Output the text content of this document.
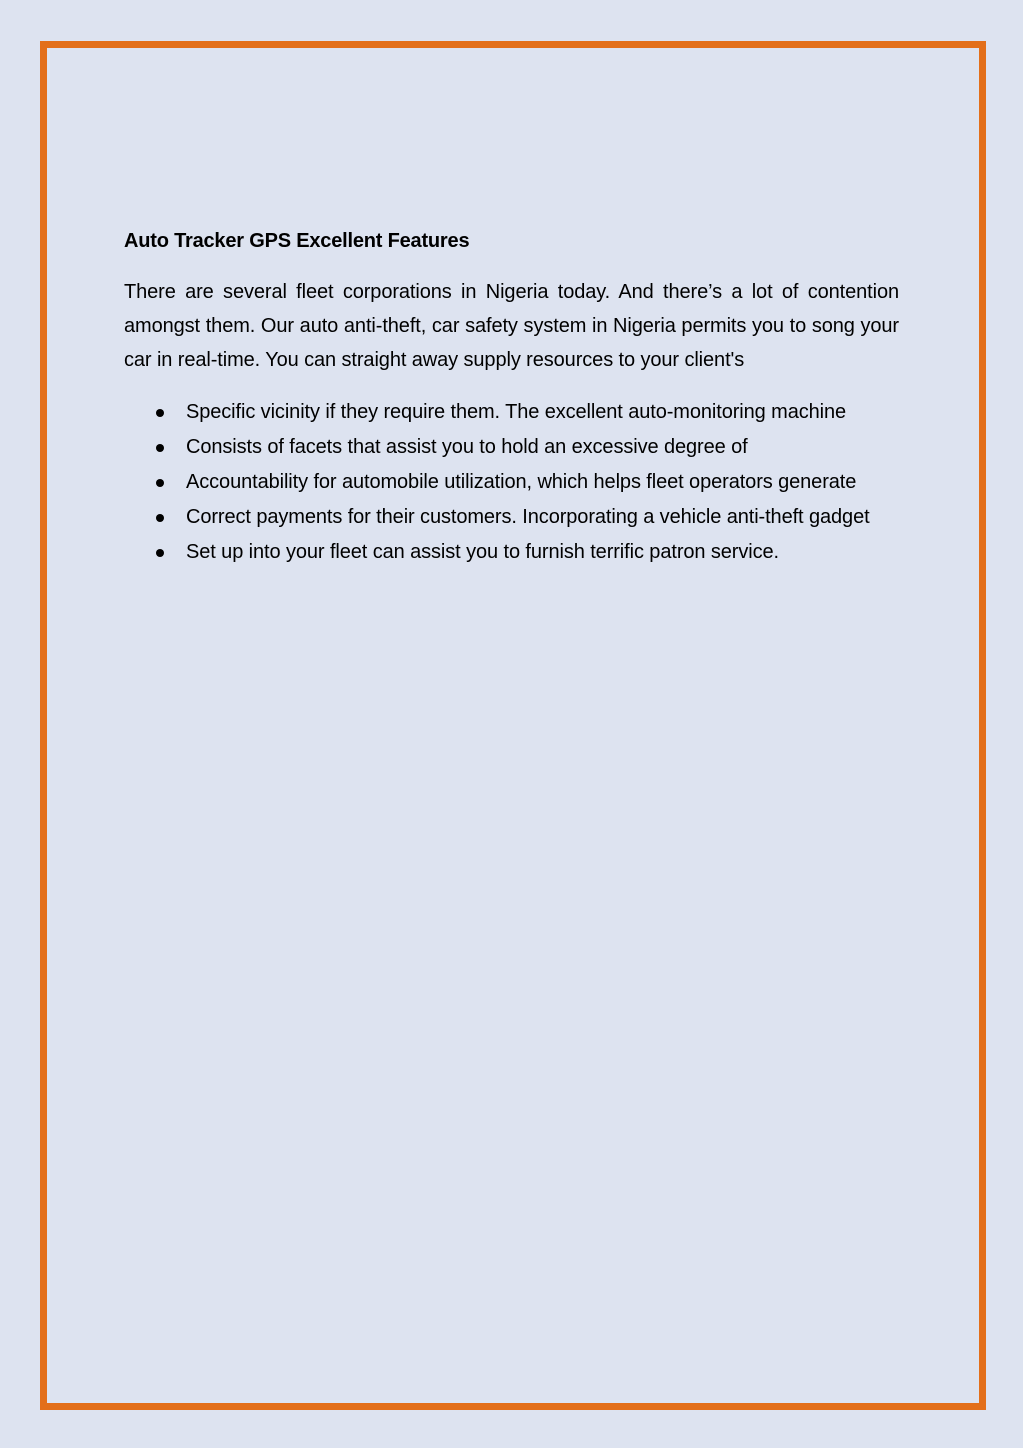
Auto Tracker GPS Excellent Features

There are several fleet corporations in Nigeria today. And there’s a lot of contention amongst them. Our auto anti-theft, car safety system in Nigeria permits you to song your car in real-time. You can straight away supply resources to your client's

Specific vicinity if they require them. The excellent auto-monitoring machine
Consists of facets that assist you to hold an excessive degree of
Accountability for automobile utilization, which helps fleet operators generate
Correct payments for their customers. Incorporating a vehicle anti-theft gadget
Set up into your fleet can assist you to furnish terrific patron service.
